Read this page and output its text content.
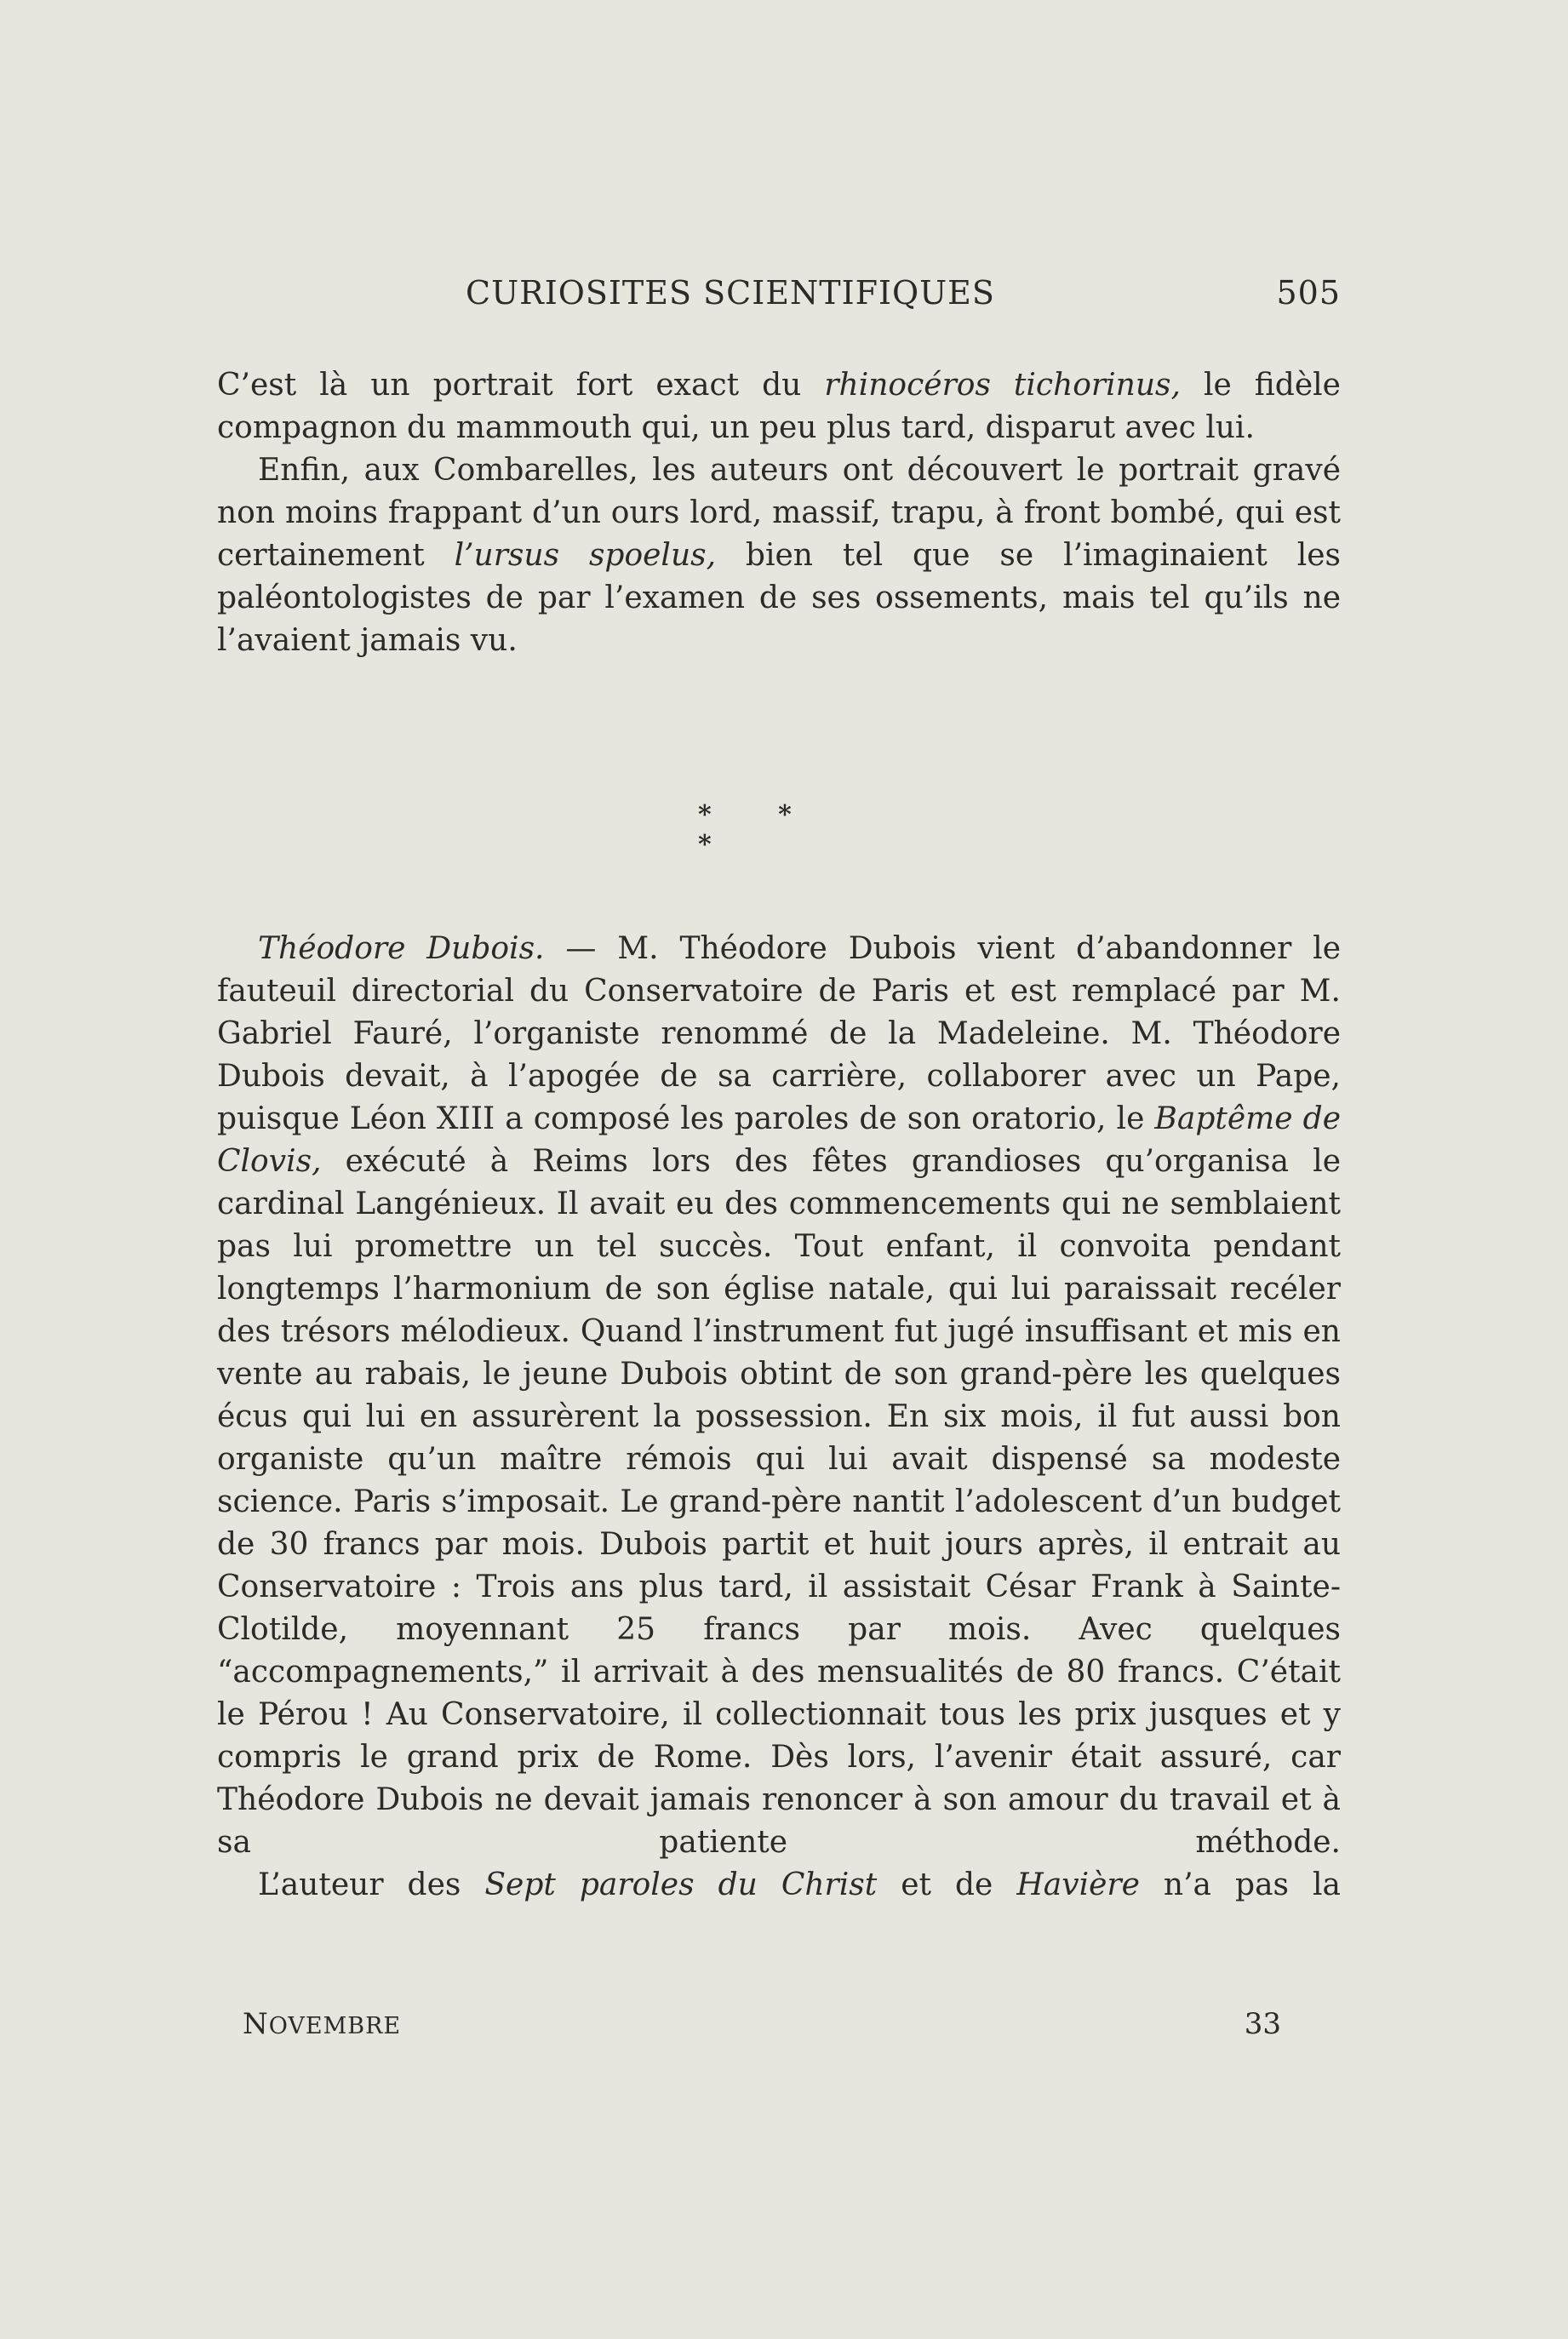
CURIOSITES SCIENTIFIQUES	505

C’est là un portrait fort exact du rhinocéros tichorinus, le fidèle compagnon du mammouth qui, un peu plus tard, disparut avec lui.

Enfin, aux Combarelles, les auteurs ont découvert le portrait gravé non moins frappant d’un ours lord, massif, trapu, à front bombé, qui est certainement l’ursus spoelus, bien tel que se l’imaginaient les paléontologistes de par l’examen de ses ossements, mais tel qu’ils ne l’avaient jamais vu.

* * *

Théodore Dubois. — M. Théodore Dubois vient d’abandonner le fauteuil directorial du Conservatoire de Paris et est remplacé par M. Gabriel Fauré, l’organiste renommé de la Madeleine. M. Théodore Dubois devait, à l’apogée de sa carrière, collaborer avec un Pape, puisque Léon XIII a composé les paroles de son oratorio, le Baptême de Clovis, exécuté à Reims lors des fêtes grandioses qu’organisa le cardinal Langénieux. Il avait eu des commencements qui ne semblaient pas lui promettre un tel succès. Tout enfant, il convoita pendant longtemps l’harmonium de son église natale, qui lui paraissait recéler des trésors mélodieux. Quand l’instrument fut jugé insuffisant et mis en vente au rabais, le jeune Dubois obtint de son grand-père les quelques écus qui lui en assurèrent la possession. En six mois, il fut aussi bon organiste qu’un maître rémois qui lui avait dispensé sa modeste science. Paris s’imposait. Le grand-père nantit l’adolescent d’un budget de 30 francs par mois. Dubois partit et huit jours après, il entrait au Conservatoire : Trois ans plus tard, il assistait César Frank à Sainte-Clotilde, moyennant 25 francs par mois. Avec quelques “accompagnements,” il arrivait à des mensualités de 80 francs. C’était le Pérou ! Au Conservatoire, il collectionnait tous les prix jusques et y compris le grand prix de Rome. Dès lors, l’avenir était assuré, car Théodore Dubois ne devait jamais renoncer à son amour du travail et à sa patiente méthode.

L’auteur des Sept paroles du Christ et de Havière n’a pas la

NOVEMBRE	33
